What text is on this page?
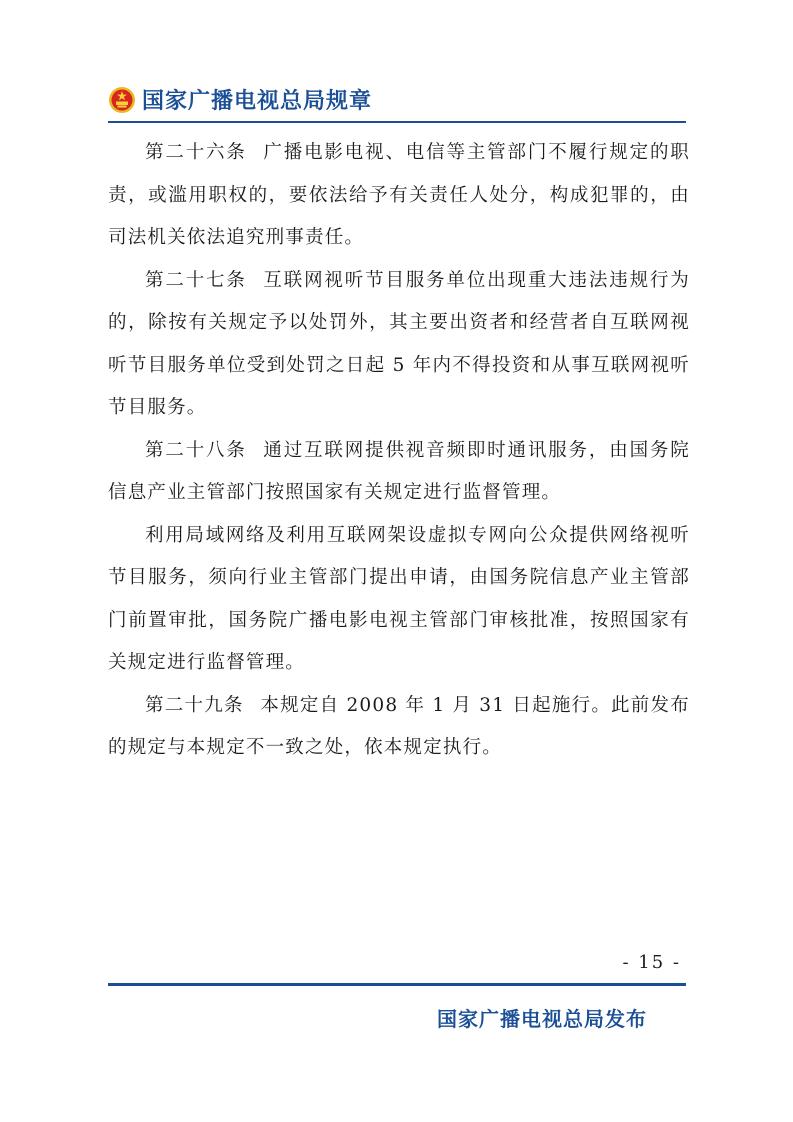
国家广播电视总局规章

第二十六条 广播电影电视、电信等主管部门不履行规定的职责，或滥用职权的，要依法给予有关责任人处分，构成犯罪的，由司法机关依法追究刑事责任。

第二十七条 互联网视听节目服务单位出现重大违法违规行为的，除按有关规定予以处罚外，其主要出资者和经营者自互联网视听节目服务单位受到处罚之日起 5 年内不得投资和从事互联网视听节目服务。

第二十八条 通过互联网提供视音频即时通讯服务，由国务院信息产业主管部门按照国家有关规定进行监督管理。

利用局域网络及利用互联网架设虚拟专网向公众提供网络视听节目服务，须向行业主管部门提出申请，由国务院信息产业主管部门前置审批，国务院广播电影电视主管部门审核批准，按照国家有关规定进行监督管理。

第二十九条 本规定自 2008 年 1 月 31 日起施行。此前发布的规定与本规定不一致之处，依本规定执行。

- 15 -
国家广播电视总局发布
